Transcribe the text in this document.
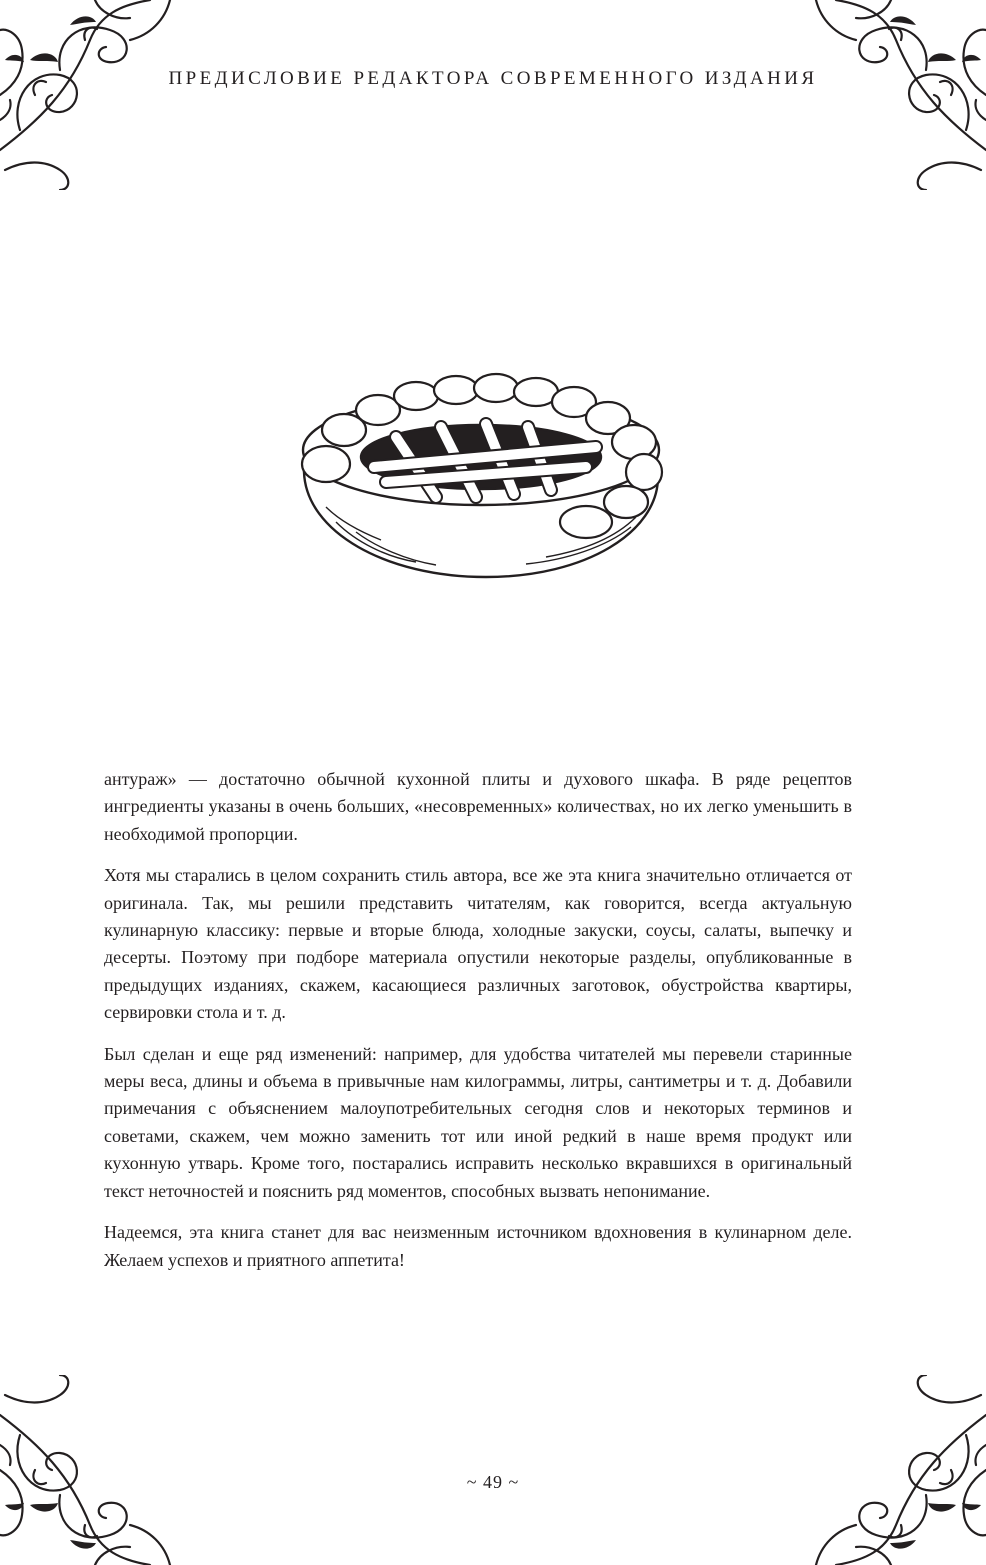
ПРЕДИСЛОВИЕ РЕДАКТОРА СОВРЕМЕННОГО ИЗДАНИЯ

антураж» — достаточно обычной кухонной плиты и духового шкафа. В ряде рецептов ингредиенты указаны в очень больших, «несовременных» количествах, но их легко уменьшить в необходимой пропорции.

Хотя мы старались в целом сохранить стиль автора, все же эта книга значительно отличается от оригинала. Так, мы решили представить читателям, как говорится, всегда актуальную кулинарную классику: первые и вторые блюда, холодные закуски, соусы, салаты, выпечку и десерты. Поэтому при подборе материала опустили некоторые разделы, опубликованные в предыдущих изданиях, скажем, касающиеся различных заготовок, обустройства квартиры, сервировки стола и т. д.

Был сделан и еще ряд изменений: например, для удобства читателей мы перевели старинные меры веса, длины и объема в привычные нам килограммы, литры, сантиметры и т. д. Добавили примечания с объяснением малоупотребительных сегодня слов и некоторых терминов и советами, скажем, чем можно заменить тот или иной редкий в наше время продукт или кухонную утварь. Кроме того, постарались исправить несколько вкравшихся в оригинальный текст неточностей и пояснить ряд моментов, способных вызвать непонимание.

Надеемся, эта книга станет для вас неизменным источником вдохновения в кулинарном деле. Желаем успехов и приятного аппетита!

~ 49 ~
